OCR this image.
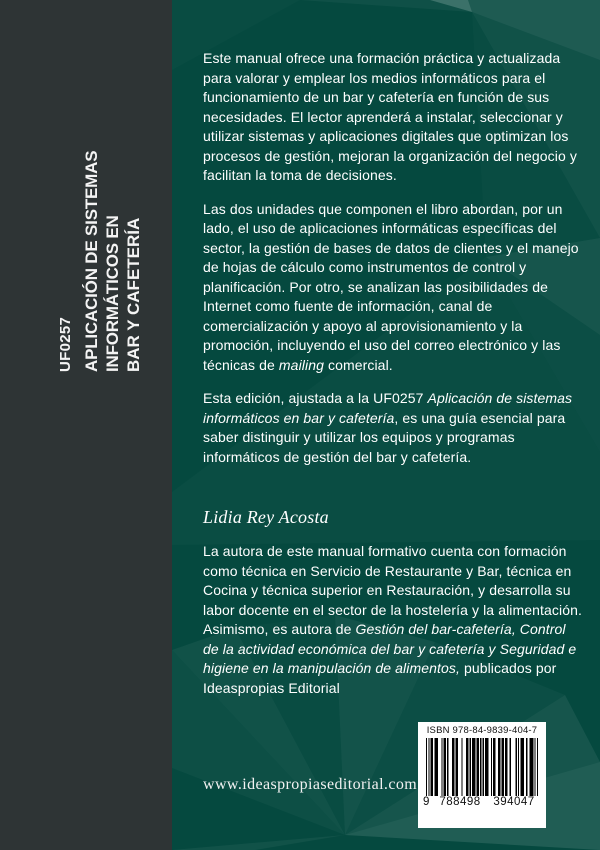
UF0257 APLICACIÓN DE SISTEMAS INFORMÁTICOS EN BAR Y CAFETERÍA

Este manual ofrece una formación práctica y actualizada para valorar y emplear los medios informáticos para el funcionamiento de un bar y cafetería en función de sus necesidades. El lector aprenderá a instalar, seleccionar y utilizar sistemas y aplicaciones digitales que optimizan los procesos de gestión, mejoran la organización del negocio y facilitan la toma de decisiones.

Las dos unidades que componen el libro abordan, por un lado, el uso de aplicaciones informáticas específicas del sector, la gestión de bases de datos de clientes y el manejo de hojas de cálculo como instrumentos de control y planificación. Por otro, se analizan las posibilidades de Internet como fuente de información, canal de comercialización y apoyo al aprovisionamiento y la promoción, incluyendo el uso del correo electrónico y las técnicas de mailing comercial.

Esta edición, ajustada a la UF0257 Aplicación de sistemas informáticos en bar y cafetería, es una guía esencial para saber distinguir y utilizar los equipos y programas informáticos de gestión del bar y cafetería.

Lidia Rey Acosta

La autora de este manual formativo cuenta con formación como técnica en Servicio de Restaurante y Bar, técnica en Cocina y técnica superior en Restauración, y desarrolla su labor docente en el sector de la hostelería y la alimentación. Asimismo, es autora de Gestión del bar-cafetería, Control de la actividad económica del bar y cafetería y Seguridad e higiene en la manipulación de alimentos, publicados por Ideaspropias Editorial

www.ideaspropiaseditorial.com
ISBN 978-84-9839-404-7
9 788498 394047
